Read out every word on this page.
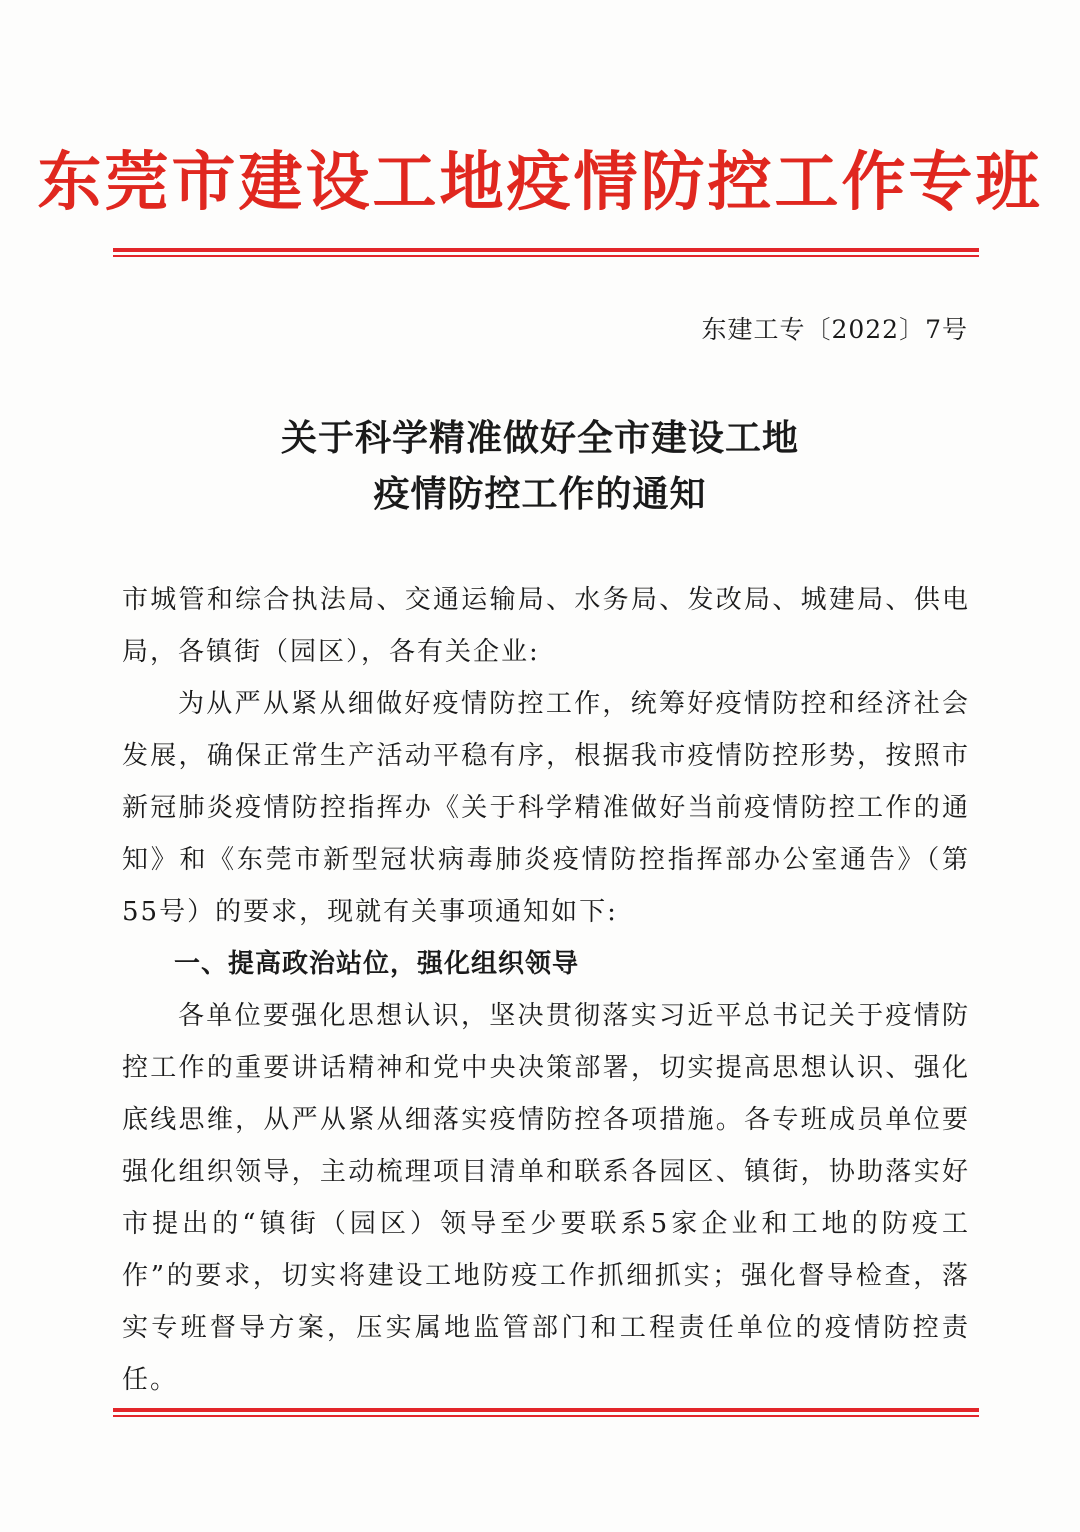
东莞市建设工地疫情防控工作专班
东建工专〔2022〕7号
关于科学精准做好全市建设工地
疫情防控工作的通知

市城管和综合执法局、交通运输局、水务局、发改局、城建局、供电局，各镇街（园区），各有关企业:

为从严从紧从细做好疫情防控工作，统筹好疫情防控和经济社会发展，确保正常生产活动平稳有序，根据我市疫情防控形势，按照市新冠肺炎疫情防控指挥办《关于科学精准做好当前疫情防控工作的通知》和《东莞市新型冠状病毒肺炎疫情防控指挥部办公室通告》（第55号）的要求，现就有关事项通知如下:

一、提高政治站位，强化组织领导

各单位要强化思想认识，坚决贯彻落实习近平总书记关于疫情防控工作的重要讲话精神和党中央决策部署，切实提高思想认识、强化底线思维，从严从紧从细落实疫情防控各项措施。各专班成员单位要强化组织领导，主动梳理项目清单和联系各园区、镇街，协助落实好市提出的“镇街（园区）领导至少要联系5家企业和工地的防疫工作”的要求，切实将建设工地防疫工作抓细抓实；强化督导检查，落实专班督导方案，压实属地监管部门和工程责任单位的疫情防控责任。
